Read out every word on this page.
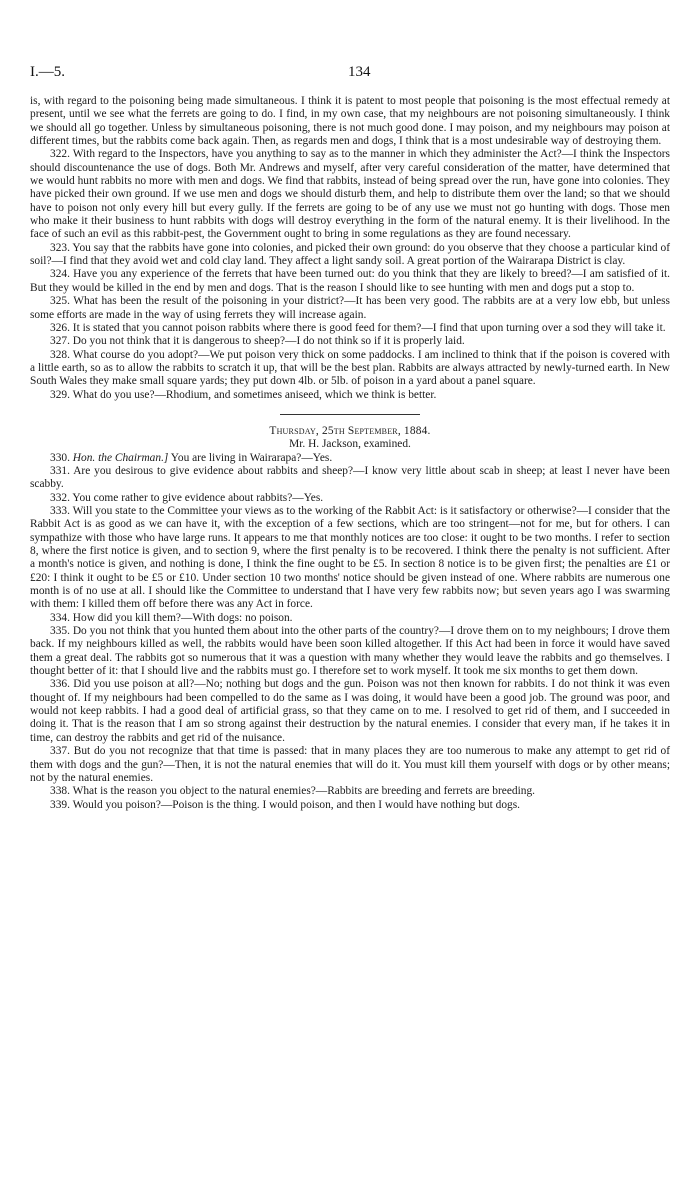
I.—5.	134

is, with regard to the poisoning being made simultaneous. I think it is patent to most people that poisoning is the most effectual remedy at present, until we see what the ferrets are going to do. I find, in my own case, that my neighbours are not poisoning simultaneously. I think we should all go together. Unless by simultaneous poisoning, there is not much good done. I may poison, and my neighbours may poison at different times, but the rabbits come back again. Then, as regards men and dogs, I think that is a most undesirable way of destroying them.

322. With regard to the Inspectors, have you anything to say as to the manner in which they administer the Act?—I think the Inspectors should discountenance the use of dogs. Both Mr. Andrews and myself, after very careful consideration of the matter, have determined that we would hunt rabbits no more with men and dogs. We find that rabbits, instead of being spread over the run, have gone into colonies. They have picked their own ground. If we use men and dogs we should disturb them, and help to distribute them over the land; so that we should have to poison not only every hill but every gully. If the ferrets are going to be of any use we must not go hunting with dogs. Those men who make it their business to hunt rabbits with dogs will destroy everything in the form of the natural enemy. It is their livelihood. In the face of such an evil as this rabbit-pest, the Government ought to bring in some regulations as they are found necessary.

323. You say that the rabbits have gone into colonies, and picked their own ground: do you observe that they choose a particular kind of soil?—I find that they avoid wet and cold clay land. They affect a light sandy soil. A great portion of the Wairarapa District is clay.

324. Have you any experience of the ferrets that have been turned out: do you think that they are likely to breed?—I am satisfied of it. But they would be killed in the end by men and dogs. That is the reason I should like to see hunting with men and dogs put a stop to.

325. What has been the result of the poisoning in your district?—It has been very good. The rabbits are at a very low ebb, but unless some efforts are made in the way of using ferrets they will increase again.

326. It is stated that you cannot poison rabbits where there is good feed for them?—I find that upon turning over a sod they will take it.

327. Do you not think that it is dangerous to sheep?—I do not think so if it is properly laid.

328. What course do you adopt?—We put poison very thick on some paddocks. I am inclined to think that if the poison is covered with a little earth, so as to allow the rabbits to scratch it up, that will be the best plan. Rabbits are always attracted by newly-turned earth. In New South Wales they make small square yards; they put down 4lb. or 5lb. of poison in a yard about a panel square.

329. What do you use?—Rhodium, and sometimes aniseed, which we think is better.

Thursday, 25th September, 1884.

Mr. H. Jackson, examined.

330. Hon. the Chairman.] You are living in Wairarapa?—Yes.

331. Are you desirous to give evidence about rabbits and sheep?—I know very little about scab in sheep; at least I never have been scabby.

332. You come rather to give evidence about rabbits?—Yes.

333. Will you state to the Committee your views as to the working of the Rabbit Act: is it satisfactory or otherwise?—I consider that the Rabbit Act is as good as we can have it, with the exception of a few sections, which are too stringent—not for me, but for others. I can sympathize with those who have large runs. It appears to me that monthly notices are too close: it ought to be two months. I refer to section 8, where the first notice is given, and to section 9, where the first penalty is to be recovered. I think there the penalty is not sufficient. After a month's notice is given, and nothing is done, I think the fine ought to be £5. In section 8 notice is to be given first; the penalties are £1 or £20: I think it ought to be £5 or £10. Under section 10 two months' notice should be given instead of one. Where rabbits are numerous one month is of no use at all. I should like the Committee to understand that I have very few rabbits now; but seven years ago I was swarming with them: I killed them off before there was any Act in force.

334. How did you kill them?—With dogs: no poison.

335. Do you not think that you hunted them about into the other parts of the country?—I drove them on to my neighbours; I drove them back. If my neighbours killed as well, the rabbits would have been soon killed altogether. If this Act had been in force it would have saved them a great deal. The rabbits got so numerous that it was a question with many whether they would leave the rabbits and go themselves. I thought better of it: that I should live and the rabbits must go. I therefore set to work myself. It took me six months to get them down.

336. Did you use poison at all?—No; nothing but dogs and the gun. Poison was not then known for rabbits. I do not think it was even thought of. If my neighbours had been compelled to do the same as I was doing, it would have been a good job. The ground was poor, and would not keep rabbits. I had a good deal of artificial grass, so that they came on to me. I resolved to get rid of them, and I succeeded in doing it. That is the reason that I am so strong against their destruction by the natural enemies. I consider that every man, if he takes it in time, can destroy the rabbits and get rid of the nuisance.

337. But do you not recognize that that time is passed: that in many places they are too numerous to make any attempt to get rid of them with dogs and the gun?—Then, it is not the natural enemies that will do it. You must kill them yourself with dogs or by other means; not by the natural enemies.

338. What is the reason you object to the natural enemies?—Rabbits are breeding and ferrets are breeding.

339. Would you poison?—Poison is the thing. I would poison, and then I would have nothing but dogs.
